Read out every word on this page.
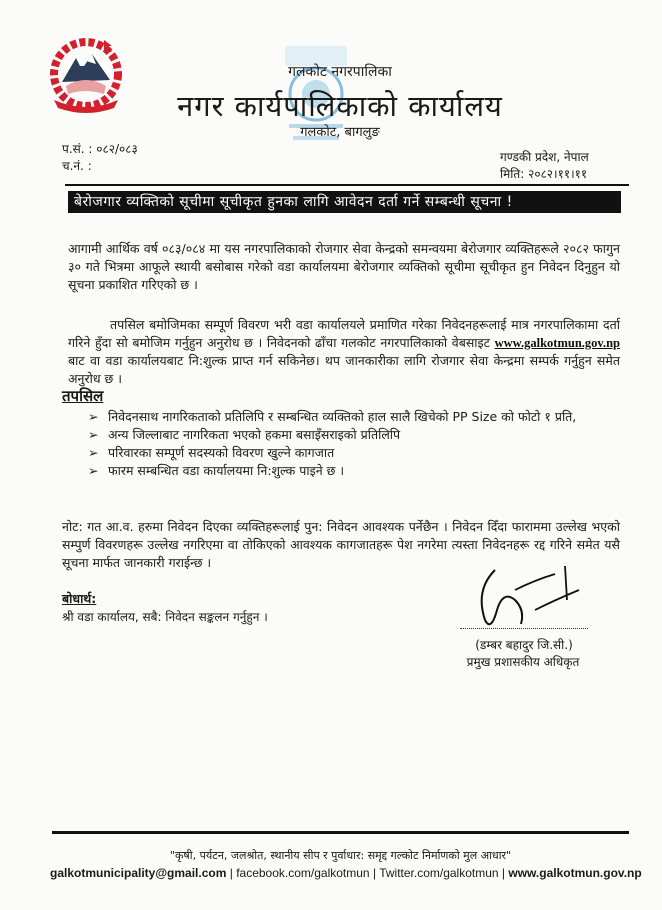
गलकोट नगरपालिका
नगर कार्यपालिकाको कार्यालय
गलकोट, बागलुङ
प.सं. : ०८२/०८३
च.नं. :
गण्डकी प्रदेश, नेपाल
मिति: २०८२।११।११
बेरोजगार व्यक्तिको सूचीमा सूचीकृत हुनका लागि आवेदन दर्ता गर्ने सम्बन्धी सूचना !
आगामी आर्थिक वर्ष ०८३/०८४ मा यस नगरपालिकाको रोजगार सेवा केन्द्रको समन्वयमा बेरोजगार व्यक्तिहरूले २०८२ फागुन ३० गते भित्रमा आफूले स्थायी बसोबास गरेको वडा कार्यालयमा बेरोजगार व्यक्तिको सूचीमा सूचीकृत हुन निवेदन दिनुहुन यो सूचना प्रकाशित गरिएको छ ।
तपसिल बमोजिमका सम्पूर्ण विवरण भरी वडा कार्यालयले प्रमाणित गरेका निवेदनहरूलाई मात्र नगरपालिकामा दर्ता गरिने हुँदा सो बमोजिम गर्नुहुन अनुरोध छ । निवेदनको ढाँचा गलकोट नगरपालिकाको वेबसाइट www.galkotmun.gov.np बाट वा वडा कार्यालयबाट नि:शुल्क प्राप्त गर्न सकिनेछ। थप जानकारीका लागि रोजगार सेवा केन्द्रमा सम्पर्क गर्नुहुन समेत अनुरोध छ ।
तपसिल
➢ निवेदनसाथ नागरिकताको प्रतिलिपि र सम्बन्धित व्यक्तिको हाल सालै खिचेको PP Size को फोटो १ प्रति,
➢ अन्य जिल्लाबाट नागरिकता भएको हकमा बसाइँसराइको प्रतिलिपि
➢ परिवारका सम्पूर्ण सदस्यको विवरण खुल्ने कागजात
➢ फारम सम्बन्धित वडा कार्यालयमा नि:शुल्क पाइने छ ।
नोट: गत आ.व. हरुमा निवेदन दिएका व्यक्तिहरूलाई पुन: निवेदन आवश्यक पर्नेछैन । निवेदन दिँदा फाराममा उल्लेख भएको सम्पुर्ण विवरणहरू उल्लेख नगरिएमा वा तोकिएको आवश्यक कागजातहरू पेश नगरेमा त्यस्ता निवेदनहरू रद्द गरिने समेत यसै सूचना मार्फत जानकारी गराईन्छ ।
बोधार्थ:
श्री वडा कार्यालय, सबै: निवेदन सङ्कलन गर्नुहुन ।
(डम्बर बहादुर जि.सी.)
प्रमुख प्रशासकीय अधिकृत
"कृषी, पर्यटन, जलश्रोत, स्थानीय सीप र पुर्वाधार: समृद्द गल्कोट निर्माणको मुल आधार"
galkotmunicipality@gmail.com | facebook.com/galkotmun | Twitter.com/galkotmun | www.galkotmun.gov.np
